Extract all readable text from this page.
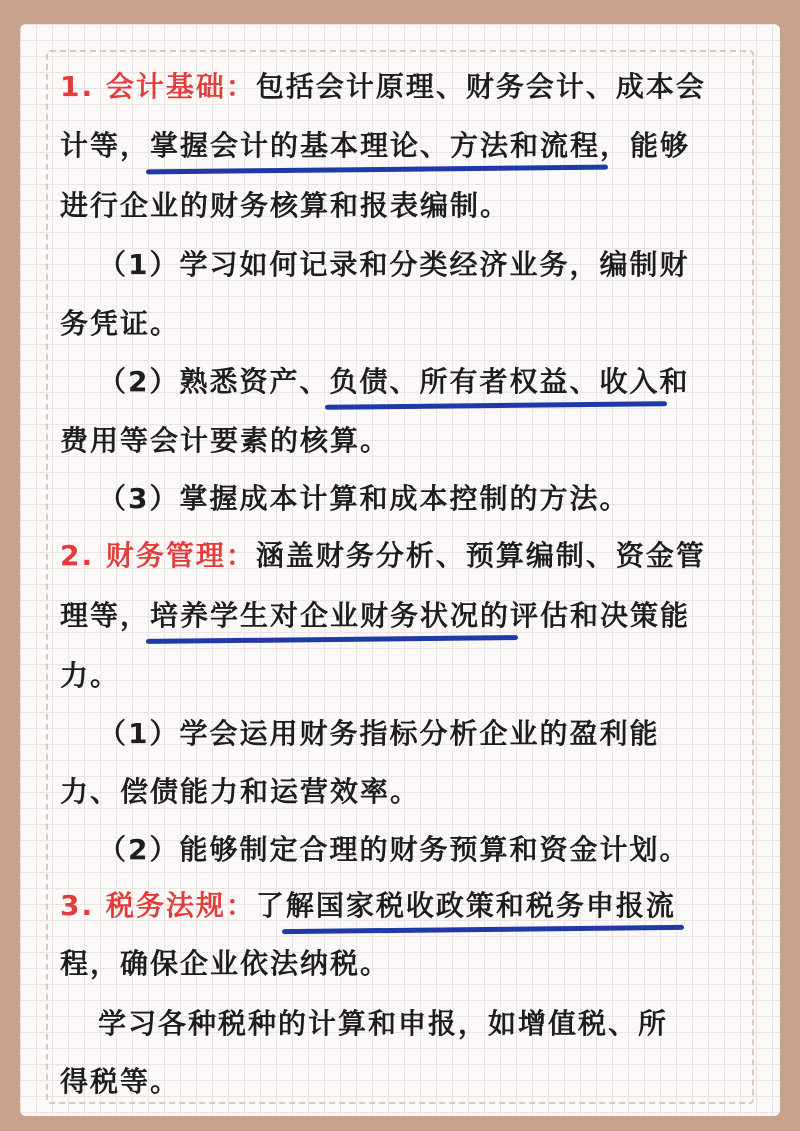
1. 会计基础：包括会计原理、财务会计、成本会
计等，掌握会计的基本理论、方法和流程，能够
进行企业的财务核算和报表编制。
（1）学习如何记录和分类经济业务，编制财
务凭证。
（2）熟悉资产、负债、所有者权益、收入和
费用等会计要素的核算。
（3）掌握成本计算和成本控制的方法。
2. 财务管理：涵盖财务分析、预算编制、资金管
理等，培养学生对企业财务状况的评估和决策能
力。
（1）学会运用财务指标分析企业的盈利能
力、偿债能力和运营效率。
（2）能够制定合理的财务预算和资金计划。
3. 税务法规：了解国家税收政策和税务申报流
程，确保企业依法纳税。
学习各种税种的计算和申报，如增值税、所
得税等。
